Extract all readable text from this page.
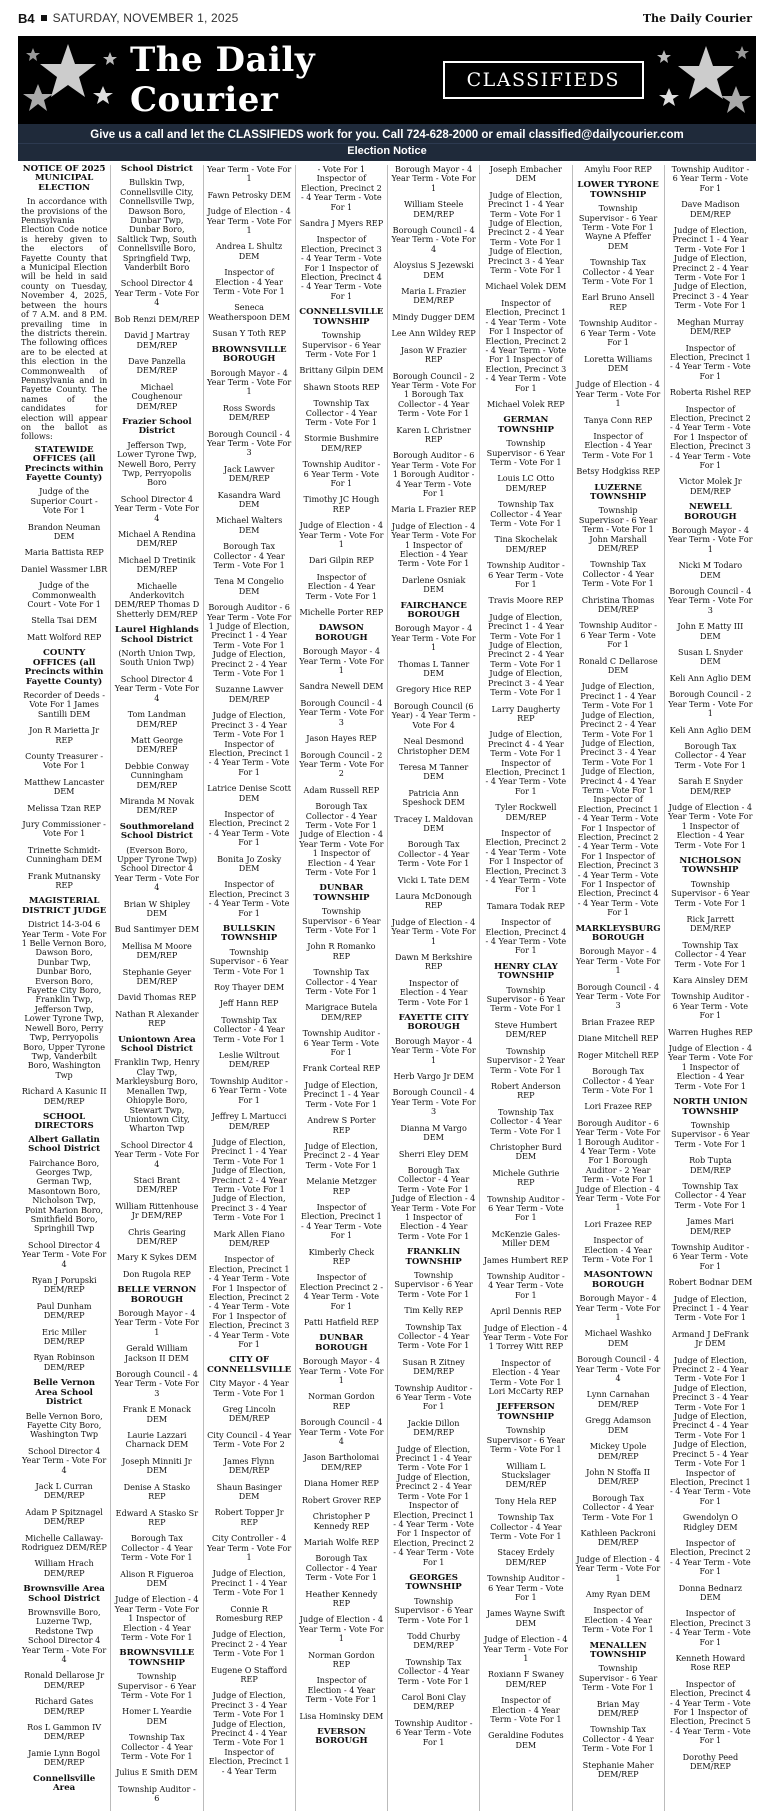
B4 SATURDAY, NOVEMBER 1, 2025	The Daily Courier
The Daily Courier	CLASSIFIEDS
Give us a call and let the CLASSIFIEDS work for you. Call 724-628-2000 or email classified@dailycourier.com
Election Notice
NOTICE OF 2025 MUNICIPAL ELECTION
In accordance with the provisions of the Pennsylvania Election Code notice is hereby given to the electors of Fayette County that a Municipal Election will be held in said county on Tuesday, November 4, 2025, between the hours of 7 A.M. and 8 P.M. prevailing time in the districts therein. The following offices are to be elected at this election in the Commonwealth of Pennsylvania and in Fayette County. The names of the candidates for election will appear on the ballot as follows:
STATEWIDE OFFICES (all Precincts within Fayette County)
Judge of the Superior Court - Vote For 1
Brandon Neuman DEM
Maria Battista REP
Daniel Wassmer LBR
Judge of the Commonwealth Court - Vote For 1
Stella Tsai DEM
Matt Wolford REP
COUNTY OFFICES (all Precincts within Fayette County)
Recorder of Deeds - Vote For 1 James Santilli DEM
Jon R Marietta Jr REP
County Treasurer - Vote For 1
Matthew Lancaster DEM
Melissa Tzan REP
Jury Commissioner - Vote For 1
Trinette Schmidt-Cunningham DEM
Frank Mutnansky REP
MAGISTERIAL DISTRICT JUDGE
District 14-3-04 6 Year Term - Vote For 1 Belle Vernon Boro, Dawson Boro, Dunbar Twp, Dunbar Boro, Everson Boro, Fayette City Boro, Franklin Twp, Jefferson Twp, Lower Tyrone Twp, Newell Boro, Perry Twp, Perryopolis Boro, Upper Tyrone Twp, Vanderbilt Boro, Washington Twp
Richard A Kasunic II DEM/REP
SCHOOL DIRECTORS
Albert Gallatin School District
Fairchance Boro, Georges Twp, German Twp, Masontown Boro, Nicholson Twp, Point Marion Boro, Smithfield Boro, Springhill Twp
School Director 4 Year Term - Vote For 4
Ryan J Porupski DEM/REP
Paul Dunham DEM/REP
Eric Miller DEM/REP
Ryan Robinson DEM/REP
Belle Vernon Area School District
Belle Vernon Boro, Fayette City Boro, Washington Twp
School Director 4 Year Term - Vote For 4
Jack L Curran DEM/REP
Adam P Spitznagel DEM/REP
Michelle Callaway-Rodriguez DEM/REP
William Hrach DEM/REP
Brownsville Area School District
Brownsville Boro, Luzerne Twp, Redstone Twp School Director 4 Year Term - Vote For 4
Ronald Dellarose Jr DEM/REP
Richard Gates DEM/REP
Ros L Gammon IV DEM/REP
Jamie Lynn Bogol DEM/REP
Connellsville Area
School District
Bullskin Twp, Connellsville City, Connellsville Twp, Dawson Boro, Dunbar Twp, Dunbar Boro, Saltlick Twp, South Connellsville Boro, Springfield Twp, Vanderbilt Boro
School Director 4 Year Term - Vote For 4
Bob Renzi DEM/REP
David J Martray DEM/REP
Dave Panzella DEM/REP
Michael Coughenour DEM/REP
Frazier School District
Jefferson Twp, Lower Tyrone Twp, Newell Boro, Perry Twp, Perryopolis Boro
School Director 4 Year Term - Vote For 4
Michael A Rendina DEM/REP
Michael D Tretinik DEM/REP
Michaelle Anderkovitch DEM/REP Thomas D Shetterly DEM/REP
Laurel Highlands School District
(North Union Twp, South Union Twp)
School Director 4 Year Term - Vote For 4
Tom Landman DEM/REP
Matt George DEM/REP
Debbie Conway Cunningham DEM/REP
Miranda M Novak DEM/REP
Southmoreland School District
(Everson Boro, Upper Tyrone Twp) School Director 4 Year Term - Vote For 4
Brian W Shipley DEM
Bud Santimyer DEM
Mellisa M Moore DEM/REP
Stephanie Geyer DEM/REP
David Thomas REP
Nathan R Alexander REP
Uniontown Area School District
Franklin Twp, Henry Clay Twp, Markleysburg Boro, Menallen Twp, Ohiopyle Boro, Stewart Twp, Uniontown City, Wharton Twp
School Director 4 Year Term - Vote For 4
Staci Brant DEM/REP
William Rittenhouse Jr DEM/REP
Chris Gearing DEM/REP
Mary K Sykes DEM
Don Rugola REP
BELLE VERNON BOROUGH
Borough Mayor - 4 Year Term - Vote For 1
Gerald William Jackson II DEM
Borough Council - 4 Year Term - Vote For 3
Frank E Monack DEM
Laurie Lazzari Charnack DEM
Joseph Minniti Jr DEM
Denise A Stasko REP
Edward A Stasko Sr REP
Borough Tax Collector - 4 Year Term - Vote For 1
Alison R Figueroa DEM
Judge of Election - 4 Year Term - Vote For 1 Inspector of Election - 4 Year Term - Vote For 1
BROWNSVILLE TOWNSHIP
Township Supervisor - 6 Year Term - Vote For 1
Homer L Yeardie DEM
Township Tax Collector - 4 Year Term - Vote For 1
Julius E Smith DEM
Township Auditor - 6
Year Term - Vote For 1
Fawn Petrosky DEM
Judge of Election - 4 Year Term - Vote For 1
Andrea L Shultz DEM
Inspector of Election - 4 Year Term - Vote For 1
Seneca Weatherspoon DEM
Susan Y Toth REP
BROWNSVILLE BOROUGH
Borough Mayor - 4 Year Term - Vote For 1
Ross Swords DEM/REP
Borough Council - 4 Year Term - Vote For 3
Jack Lawver DEM/REP
Kasandra Ward DEM
Michael Walters DEM
Borough Tax Collector - 4 Year Term - Vote For 1
Tena M Congelio DEM
Borough Auditor - 6 Year Term - Vote For 1 Judge of Election, Precinct 1 - 4 Year Term - Vote For 1 Judge of Election, Precinct 2 - 4 Year Term - Vote For 1
Suzanne Lawver DEM/REP
Judge of Election, Precinct 3 - 4 Year Term - Vote For 1 Inspector of Election, Precinct 1 - 4 Year Term - Vote For 1
Latrice Denise Scott DEM
Inspector of Election, Precinct 2 - 4 Year Term - Vote For 1
Bonita Jo Zosky DEM
Inspector of Election, Precinct 3 - 4 Year Term - Vote For 1
BULLSKIN TOWNSHIP
Township Supervisor - 6 Year Term - Vote For 1
Roy Thayer DEM
Jeff Hann REP
Township Tax Collector - 4 Year Term - Vote For 1
Leslie Wiltrout DEM/REP
Township Auditor - 6 Year Term - Vote For 1
Jeffrey L Martucci DEM/REP
Judge of Election, Precinct 1 - 4 Year Term - Vote For 1 Judge of Election, Precinct 2 - 4 Year Term - Vote For 1 Judge of Election, Precinct 3 - 4 Year Term - Vote For 1
Mark Allen Fiano DEM/REP
Inspector of Election, Precinct 1 - 4 Year Term - Vote For 1 Inspector of Election, Precinct 2 - 4 Year Term - Vote For 1 Inspector of Election, Precinct 3 - 4 Year Term - Vote For 1
CITY OF CONNELLSVILLE
City Mayor - 4 Year Term - Vote For 1
Greg Lincoln DEM/REP
City Council - 4 Year Term - Vote For 2
James Flynn DEM/REP
Shaun Basinger DEM
Robert Topper Jr REP
City Controller - 4 Year Term - Vote For 1
Judge of Election, Precinct 1 - 4 Year Term - Vote For 1
Connie R Romesburg REP
Judge of Election, Precinct 2 - 4 Year Term - Vote For 1
Eugene O Stafford REP
Judge of Election, Precinct 3 - 4 Year Term - Vote For 1 Judge of Election, Precinct 4 - 4 Year Term - Vote For 1 Inspector of Election, Precinct 1 - 4 Year Term
- Vote For 1 Inspector of Election, Precinct 2 - 4 Year Term - Vote For 1
Sandra J Myers REP
Inspector of Election, Precinct 3 - 4 Year Term - Vote For 1 Inspector of Election, Precinct 4 - 4 Year Term - Vote For 1
CONNELLSVILLE TOWNSHIP
Township Supervisor - 6 Year Term - Vote For 1
Brittany Gilpin DEM
Shawn Stoots REP
Township Tax Collector - 4 Year Term - Vote For 1
Stormie Bushmire DEM/REP
Township Auditor - 6 Year Term - Vote For 1
Timothy JC Hough REP
Judge of Election - 4 Year Term - Vote For 1
Dari Gilpin REP
Inspector of Election - 4 Year Term - Vote For 1
Michelle Porter REP
DAWSON BOROUGH
Borough Mayor - 4 Year Term - Vote For 1
Sandra Newell DEM
Borough Council - 4 Year Term - Vote For 3
Jason Hayes REP
Borough Council - 2 Year Term - Vote For 2
Adam Russell REP
Borough Tax Collector - 4 Year Term - Vote For 1 Judge of Election - 4 Year Term - Vote For 1 Inspector of Election - 4 Year Term - Vote For 1
DUNBAR TOWNSHIP
Township Supervisor - 6 Year Term - Vote For 1
John R Romanko REP
Township Tax Collector - 4 Year Term - Vote For 1
Marigrace Butela DEM/REP
Township Auditor - 6 Year Term - Vote For 1
Frank Corteal REP
Judge of Election, Precinct 1 - 4 Year Term - Vote For 1
Andrew S Porter REP
Judge of Election, Precinct 2 - 4 Year Term - Vote For 1
Melanie Metzger REP
Inspector of Election, Precinct 1 - 4 Year Term - Vote For 1
Kimberly Check REP
Inspector of Election Precinct 2 - 4 Year Term - Vote For 1
Patti Hatfield REP
DUNBAR BOROUGH
Borough Mayor - 4 Year Term - Vote For 1
Norman Gordon REP
Borough Council - 4 Year Term - Vote For 4
Jason Bartholomai DEM/REP
Diana Homer REP
Robert Grover REP
Christopher P Kennedy REP
Mariah Wolfe REP
Borough Tax Collector - 4 Year Term - Vote For 1
Heather Kennedy REP
Judge of Election - 4 Year Term - Vote For 1
Norman Gordon REP
Inspector of Election - 4 Year Term - Vote For 1
Lisa Hominsky DEM
EVERSON BOROUGH
Borough Mayor - 4 Year Term - Vote For 1
William Steele DEM/REP
Borough Council - 4 Year Term - Vote For 4
Aloysius S Jezewski DEM
Maria L Frazier DEM/REP
Mindy Dugger DEM
Lee Ann Wildey REP
Jason W Frazier REP
Borough Council - 2 Year Term - Vote For 1 Borough Tax Collector - 4 Year Term - Vote For 1
Karen L Christner REP
Borough Auditor - 6 Year Term - Vote For 1 Borough Auditor - 4 Year Term - Vote For 1
Maria L Frazier REP
Judge of Election - 4 Year Term - Vote For 1 Inspector of Election - 4 Year Term - Vote For 1
Darlene Osniak DEM
FAIRCHANCE BOROUGH
Borough Mayor - 4 Year Term - Vote For 1
Thomas L Tanner DEM
Gregory Hice REP
Borough Council (6 Year) - 4 Year Term - Vote For 4
Neal Desmond Christopher DEM
Teresa M Tanner DEM
Patricia Ann Speshock DEM
Tracey L Maldovan DEM
Borough Tax Collector - 4 Year Term - Vote For 1
Vicki L Tate DEM
Laura McDonough REP
Judge of Election - 4 Year Term - Vote For 1
Dawn M Berkshire REP
Inspector of Election - 4 Year Term - Vote For 1
FAYETTE CITY BOROUGH
Borough Mayor - 4 Year Term - Vote For 1
Herb Vargo Jr DEM
Borough Council - 4 Year Term - Vote For 3
Dianna M Vargo DEM
Sherri Eley DEM
Borough Tax Collector - 4 Year Term - Vote For 1 Judge of Election - 4 Year Term - Vote For 1 Inspector of Election - 4 Year Term - Vote For 1
FRANKLIN TOWNSHIP
Township Supervisor - 6 Year Term - Vote For 1
Tim Kelly REP
Township Tax Collector - 4 Year Term - Vote For 1
Susan R Zitney DEM/REP
Township Auditor - 6 Year Term - Vote For 1
Jackie Dillon DEM/REP
Judge of Election, Precinct 1 - 4 Year Term - Vote For 1 Judge of Election, Precinct 2 - 4 Year Term - Vote For 1 Inspector of Election, Precinct 1 - 4 Year Term - Vote For 1 Inspector of Election, Precinct 2 - 4 Year Term - Vote For 1
GEORGES TOWNSHIP
Township Supervisor - 6 Year Term - Vote For 1
Todd Churby DEM/REP
Township Tax Collector - 4 Year Term - Vote For 1
Carol Boni Clay DEM/REP
Township Auditor - 6 Year Term - Vote For 1
Joseph Embacher DEM
Judge of Election, Precinct 1 - 4 Year Term - Vote For 1 Judge of Election, Precinct 2 - 4 Year Term - Vote For 1 Judge of Election, Precinct 3 - 4 Year Term - Vote For 1
Michael Volek DEM
Inspector of Election, Precinct 1 - 4 Year Term - Vote For 1 Inspector of Election, Precinct 2 - 4 Year Term - Vote For 1 Inspector of Election, Precinct 3 - 4 Year Term - Vote For 1
Michael Volek REP
GERMAN TOWNSHIP
Township Supervisor - 6 Year Term - Vote For 1
Louis LC Otto DEM/REP
Township Tax Collector - 4 Year Term - Vote For 1
Tina Skochelak DEM/REP
Township Auditor - 6 Year Term - Vote For 1
Travis Moore REP
Judge of Election, Precinct 1 - 4 Year Term - Vote For 1 Judge of Election, Precinct 2 - 4 Year Term - Vote For 1 Judge of Election, Precinct 3 - 4 Year Term - Vote For 1
Larry Daugherty REP
Judge of Election, Precinct 4 - 4 Year Term - Vote For 1 Inspector of Election, Precinct 1 - 4 Year Term - Vote For 1
Tyler Rockwell DEM/REP
Inspector of Election, Precinct 2 - 4 Year Term - Vote For 1 Inspector of Election, Precinct 3 - 4 Year Term - Vote For 1
Tamara Todak REP
Inspector of Election, Precinct 4 - 4 Year Term - Vote For 1
HENRY CLAY TOWNSHIP
Township Supervisor - 6 Year Term - Vote For 1
Steve Humbert DEM/REP
Township Supervisor - 2 Year Term - Vote For 1
Robert Anderson REP
Township Tax Collector - 4 Year Term - Vote For 1
Christopher Burd DEM
Michele Guthrie REP
Township Auditor - 6 Year Term - Vote For 1
McKenzie Gales-Miller DEM
James Humbert REP
Township Auditor - 4 Year Term - Vote For 1
April Dennis REP
Judge of Election - 4 Year Term - Vote For 1 Torrey Witt REP
Inspector of Election - 4 Year Term - Vote For 1 Lori McCarty REP
JEFFERSON TOWNSHIP
Township Supervisor - 6 Year Term - Vote For 1
William L Stuckslager DEM/REP
Tony Hela REP
Township Tax Collector - 4 Year Term - Vote For 1
Stacey Erdely DEM/REP
Township Auditor - 6 Year Term - Vote For 1
James Wayne Swift DEM
Judge of Election - 4 Year Term - Vote For 1
Roxiann F Swaney DEM/REP
Inspector of Election - 4 Year Term - Vote For 1
Geraldine Fodutes DEM
Amylu Foor REP
LOWER TYRONE TOWNSHIP
Township Supervisor - 6 Year Term - Vote For 1 Wayne A Pfeffer DEM
Township Tax Collector - 4 Year Term - Vote For 1
Earl Bruno Ansell REP
Township Auditor - 6 Year Term - Vote For 1
Loretta Williams DEM
Judge of Election - 4 Year Term - Vote For 1
Tanya Conn REP
Inspector of Election - 4 Year Term - Vote For 1
Betsy Hodgkiss REP
LUZERNE TOWNSHIP
Township Supervisor - 6 Year Term - Vote For 1 John Marshall DEM/REP
Township Tax Collector - 4 Year Term - Vote For 1
Christina Thomas DEM/REP
Township Auditor - 6 Year Term - Vote For 1
Ronald C Dellarose DEM
Judge of Election, Precinct 1 - 4 Year Term - Vote For 1 Judge of Election, Precinct 2 - 4 Year Term - Vote For 1 Judge of Election, Precinct 3 - 4 Year Term - Vote For 1 Judge of Election, Precinct 4 - 4 Year Term - Vote For 1 Inspector of Election, Precinct 1 - 4 Year Term - Vote For 1 Inspector of Election, Precinct 2 - 4 Year Term - Vote For 1 Inspector of Election, Precinct 3 - 4 Year Term - Vote For 1 Inspector of Election, Precinct 4 - 4 Year Term - Vote For 1
MARKLEYSBURG BOROUGH
Borough Mayor - 4 Year Term - Vote For 1
Borough Council - 4 Year Term - Vote For 3
Brian Frazee REP
Diane Mitchell REP
Roger Mitchell REP
Borough Tax Collector - 4 Year Term - Vote For 1
Lori Frazee REP
Borough Auditor - 6 Year Term - Vote For 1 Borough Auditor - 4 Year Term - Vote For 1 Borough Auditor - 2 Year Term - Vote For 1 Judge of Election - 4 Year Term - Vote For 1
Lori Frazee REP
Inspector of Election - 4 Year Term - Vote For 1
MASONTOWN BOROUGH
Borough Mayor - 4 Year Term - Vote For 1
Michael Washko DEM
Borough Council - 4 Year Term - Vote For 4
Lynn Carnahan DEM/REP
Gregg Adamson DEM
Mickey Upole DEM/REP
John N Stoffa II DEM/REP
Borough Tax Collector - 4 Year Term - Vote For 1
Kathleen Packroni DEM/REP
Judge of Election - 4 Year Term - Vote For 1
Amy Ryan DEM
Inspector of Election - 4 Year Term - Vote For 1
MENALLEN TOWNSHIP
Township Supervisor - 6 Year Term - Vote For 1
Brian May DEM/REP
Township Tax Collector - 4 Year Term - Vote For 1
Stephanie Maher DEM/REP
Township Auditor - 6 Year Term - Vote For 1
Dave Madison DEM/REP
Judge of Election, Precinct 1 - 4 Year Term - Vote For 1 Judge of Election, Precinct 2 - 4 Year Term - Vote For 1 Judge of Election, Precinct 3 - 4 Year Term - Vote For 1
Meghan Murray DEM/REP
Inspector of Election, Precinct 1 - 4 Year Term - Vote For 1
Roberta Rishel REP
Inspector of Election, Precinct 2 - 4 Year Term - Vote For 1 Inspector of Election, Precinct 3 - 4 Year Term - Vote For 1
Victor Molek Jr DEM/REP
NEWELL BOROUGH
Borough Mayor - 4 Year Term - Vote For 1
Nicki M Todaro DEM
Borough Council - 4 Year Term - Vote For 3
John E Matty III DEM
Susan L Snyder DEM
Keli Ann Aglio DEM
Borough Council - 2 Year Term - Vote For 1
Keli Ann Aglio DEM
Borough Tax Collector - 4 Year Term - Vote For 1
Sarah E Snyder DEM/REP
Judge of Election - 4 Year Term - Vote For 1 Inspector of Election - 4 Year Term - Vote For 1
NICHOLSON TOWNSHIP
Township Supervisor - 6 Year Term - Vote For 1
Rick Jarrett DEM/REP
Township Tax Collector - 4 Year Term - Vote For 1
Kara Ainsley DEM
Township Auditor - 6 Year Term - Vote For 1
Warren Hughes REP
Judge of Election - 4 Year Term - Vote For 1 Inspector of Election - 4 Year Term - Vote For 1
NORTH UNION TOWNSHIP
Township Supervisor - 6 Year Term - Vote For 1
Rob Tupta DEM/REP
Township Tax Collector - 4 Year Term - Vote For 1
James Mari DEM/REP
Township Auditor - 6 Year Term - Vote For 1
Robert Bodnar DEM
Judge of Election, Precinct 1 - 4 Year Term - Vote For 1
Armand J DeFrank Jr DEM
Judge of Election, Precinct 2 - 4 Year Term - Vote For 1 Judge of Election, Precinct 3 - 4 Year Term - Vote For 1 Judge of Election, Precinct 4 - 4 Year Term - Vote For 1 Judge of Election, Precinct 5 - 4 Year Term - Vote For 1 Inspector of Election, Precinct 1 - 4 Year Term - Vote For 1
Gwendolyn O Ridgley DEM
Inspector of Election, Precinct 2 - 4 Year Term - Vote For 1
Donna Bednarz DEM
Inspector of Election, Precinct 3 - 4 Year Term - Vote For 1
Kenneth Howard Rose REP
Inspector of Election, Precinct 4 - 4 Year Term - Vote For 1 Inspector of Election, Precinct 5 - 4 Year Term - Vote For 1
Dorothy Peed DEM/REP
